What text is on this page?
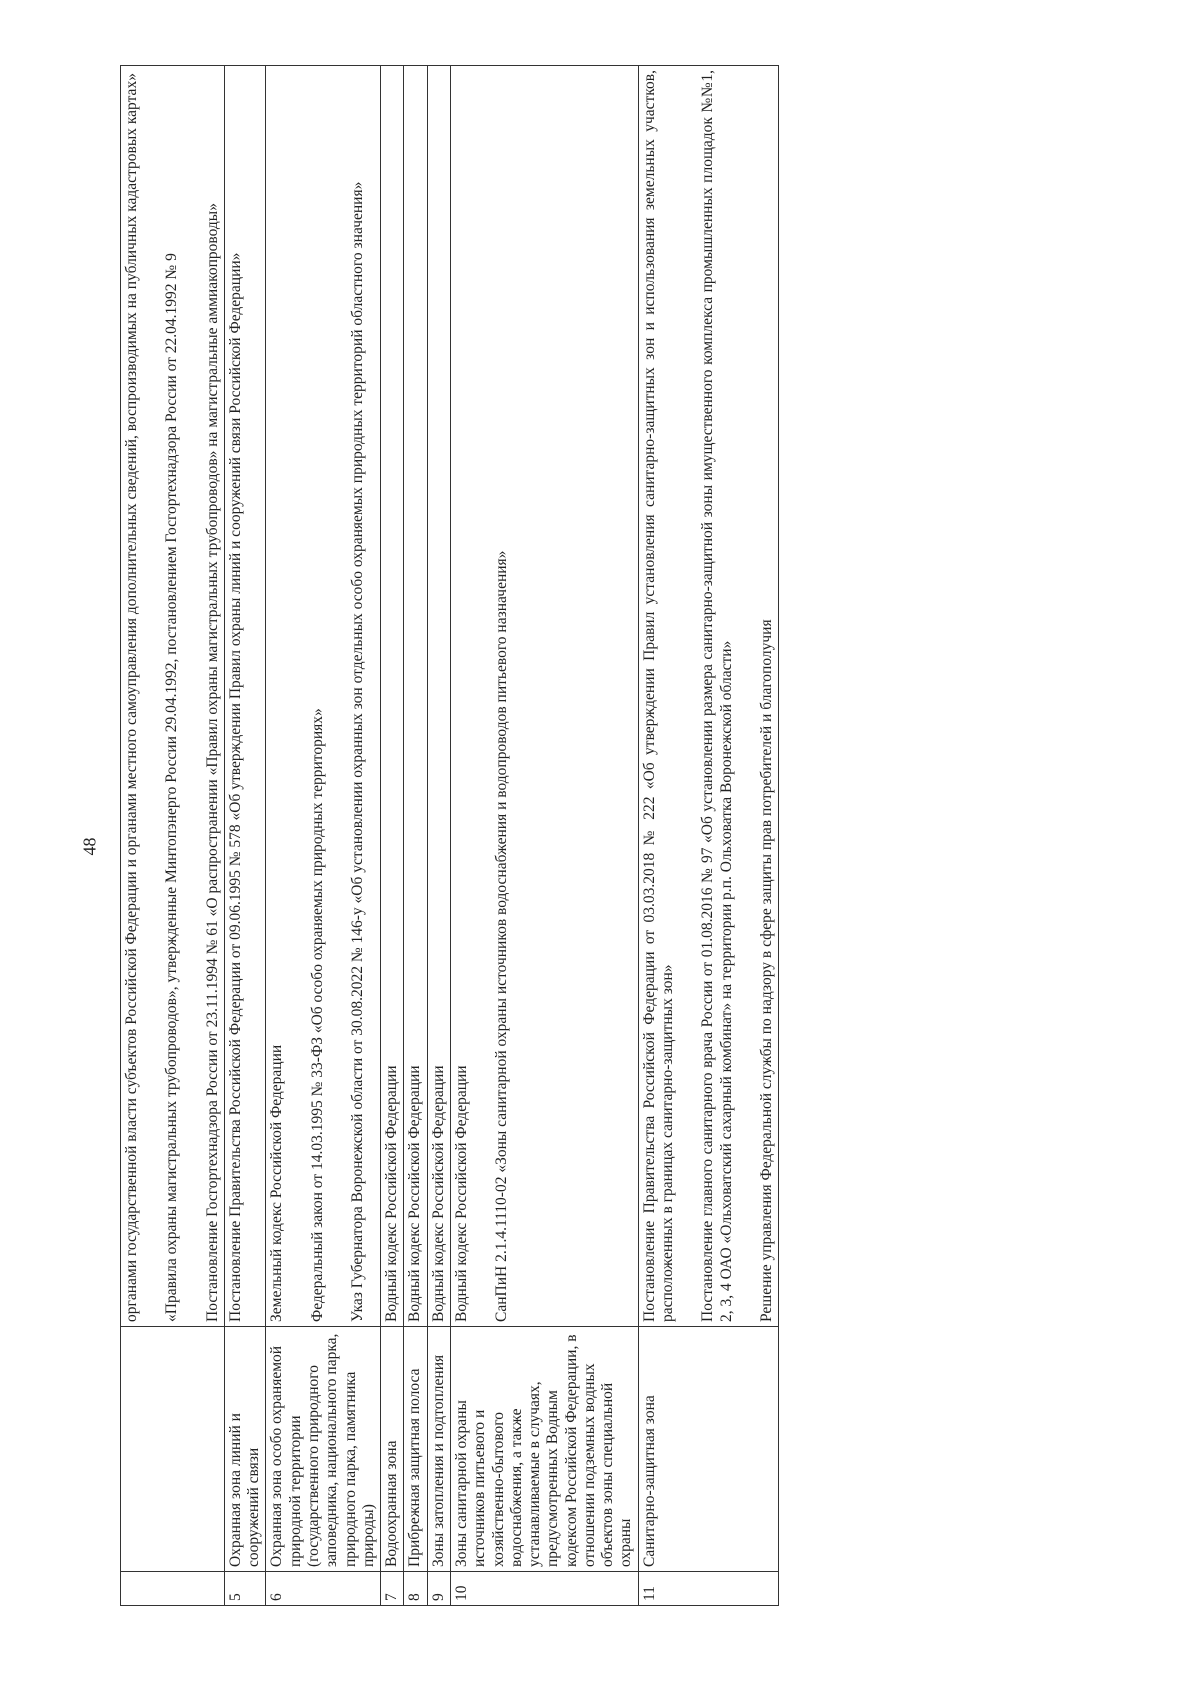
48

		органами государственной власти субъектов Российской Федерации и органами местного самоуправления дополнительных сведений, воспроизводимых на публичных кадастровых картах» «Правила охраны магистральных трубопроводов», утвержденные Минтопэнерго России 29.04.1992, постановлением Госгортехнадзора России от 22.04.1992 № 9 Постановление Госгортехнадзора России от 23.11.1994 № 61 «О распространении «Правил охраны магистральных трубопроводов» на магистральные аммиакопроводы»

5	Охранная зона линий и сооружений связи	Постановление Правительства Российской Федерации от 09.06.1995 № 578 «Об утверждении Правил охраны линий и сооружений связи Российской Федерации»

6	Охранная зона особо охраняемой природной территории (государственного природного заповедника, национального парка, природного парка, памятника природы)	Земельный кодекс Российской Федерации Федеральный закон от 14.03.1995 № 33-ФЗ «Об особо охраняемых природных территориях» Указ Губернатора Воронежской области от 30.08.2022 № 146-у «Об установлении охранных зон отдельных особо охраняемых природных территорий областного значения»

7	Водоохранная зона	Водный кодекс Российской Федерации
8	Прибрежная защитная полоса	Водный кодекс Российской Федерации
9	Зоны затопления и подтопления	Водный кодекс Российской Федерации
10	Зоны санитарной охраны источников питьевого и хозяйственно-бытового водоснабжения, а также устанавливаемые в случаях, предусмотренных Водным кодексом Российской Федерации, в отношении подземных водных объектов зоны специальной охраны	Водный кодекс Российской Федерации СанПиН 2.1.4.1110-02 «Зоны санитарной охраны источников водоснабжения и водопроводов питьевого назначения»

11	Санитарно-защитная зона	Постановление Правительства Российской Федерации от 03.03.2018 № 222 «Об утверждении Правил установления санитарно-защитных зон и использования земельных участков, расположенных в границах санитарно-защитных зон» Постановление главного санитарного врача России от 01.08.2016 № 97 «Об установлении размера санитарно-защитной зоны имущественного комплекса промышленных площадок №№1, 2, 3, 4 ОАО «Ольховатский сахарный комбинат» на территории р.п. Ольховатка Воронежской области» Решение управления Федеральной службы по надзору в сфере защиты прав потребителей и благополучия
